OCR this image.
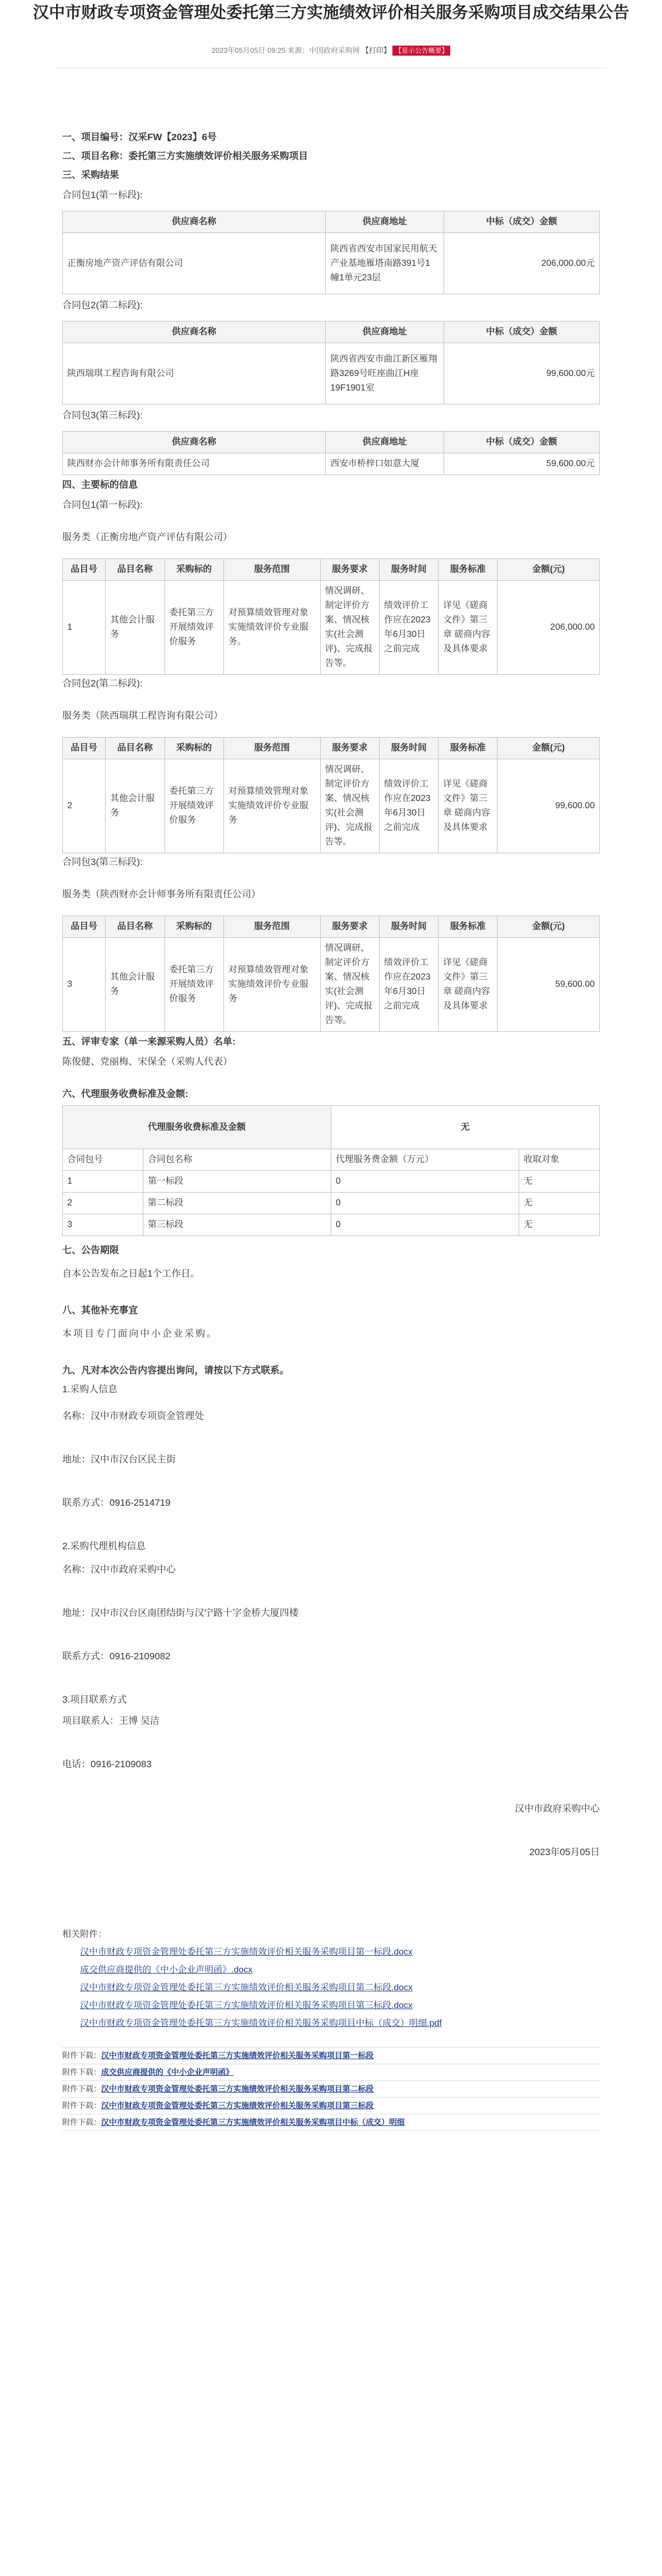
汉中市财政专项资金管理处委托第三方实施绩效评价相关服务采购项目成交结果公告
2023年05月05日 09:25 来源：中国政府采购网 【打印】 【显示公告概要】
一、项目编号：汉采FW【2023】6号
二、项目名称：委托第三方实施绩效评价相关服务采购项目
三、采购结果
合同包1(第一标段):
供应商名称	供应商地址	中标（成交）金额
正衡房地产资产评估有限公司	陕西省西安市国家民用航天产业基地雁塔南路391号1幢1单元23层	206,000.00元
合同包2(第二标段):
供应商名称	供应商地址	中标（成交）金额
陕西瑞琪工程咨询有限公司	陕西省西安市曲江新区雁翔路3269号旺座曲江H座19F1901室	99,600.00元
合同包3(第三标段):
供应商名称	供应商地址	中标（成交）金额
陕西财亦会计师事务所有限责任公司	西安市桥梓口如意大厦	59,600.00元
四、主要标的信息
合同包1(第一标段):
服务类（正衡房地产资产评估有限公司）
品目号	品目名称	采购标的	服务范围	服务要求	服务时间	服务标准	金额(元)
1	其他会计服务	委托第三方开展绩效评价服务	对预算绩效管理对象实施绩效评价专业服务。	情况调研、制定评价方案、情况核实(社会测评)、完成报告等。	绩效评价工作应在2023年6月30日之前完成	详见《磋商文件》第三章 磋商内容及具体要求	206,000.00
合同包2(第二标段):
服务类（陕西瑞琪工程咨询有限公司）
品目号	品目名称	采购标的	服务范围	服务要求	服务时间	服务标准	金额(元)
2	其他会计服务	委托第三方开展绩效评价服务	对预算绩效管理对象实施绩效评价专业服务	情况调研、制定评价方案、情况核实(社会测评)、完成报告等。	绩效评价工作应在2023年6月30日之前完成	详见《磋商文件》第三章 磋商内容及具体要求	99,600.00
合同包3(第三标段):
服务类（陕西财亦会计师事务所有限责任公司）
品目号	品目名称	采购标的	服务范围	服务要求	服务时间	服务标准	金额(元)
3	其他会计服务	委托第三方开展绩效评价服务	对预算绩效管理对象实施绩效评价专业服务	情况调研、制定评价方案、情况核实(社会测评)、完成报告等。	绩效评价工作应在2023年6月30日之前完成	详见《磋商文件》第三章 磋商内容及具体要求	59,600.00
五、评审专家（单一来源采购人员）名单:
陈俊健、党丽梅、宋保全（采购人代表）
六、代理服务收费标准及金额:
代理服务收费标准及金额		无	
合同包号	合同包名称	代理服务费金额（万元）	收取对象
1	第一标段	0	无
2	第二标段	0	无
3	第三标段	0	无
七、公告期限
自本公告发布之日起1个工作日。
八、其他补充事宜
本项目专门面向中小企业采购。
九、凡对本次公告内容提出询问，请按以下方式联系。
1.采购人信息
名称：汉中市财政专项资金管理处
地址：汉中市汉台区民主街
联系方式：0916-2514719
2.采购代理机构信息
名称：汉中市政府采购中心
地址：汉中市汉台区南团结街与汉宁路十字金桥大厦四楼
联系方式：0916-2109082
3.项目联系方式
项目联系人：王博 吴洁
电话：0916-2109083
汉中市政府采购中心
2023年05月05日
相关附件：
汉中市财政专项资金管理处委托第三方实施绩效评价相关服务采购项目第一标段.docx
成交供应商提供的《中小企业声明函》.docx
汉中市财政专项资金管理处委托第三方实施绩效评价相关服务采购项目第二标段.docx
汉中市财政专项资金管理处委托第三方实施绩效评价相关服务采购项目第三标段.docx
汉中市财政专项资金管理处委托第三方实施绩效评价相关服务采购项目中标（成交）明细.pdf
附件下载：汉中市财政专项资金管理处委托第三方实施绩效评价相关服务采购项目第一标段
附件下载：成交供应商提供的《中小企业声明函》
附件下载：汉中市财政专项资金管理处委托第三方实施绩效评价相关服务采购项目第二标段
附件下载：汉中市财政专项资金管理处委托第三方实施绩效评价相关服务采购项目第三标段
附件下载：汉中市财政专项资金管理处委托第三方实施绩效评价相关服务采购项目中标（成交）明细
